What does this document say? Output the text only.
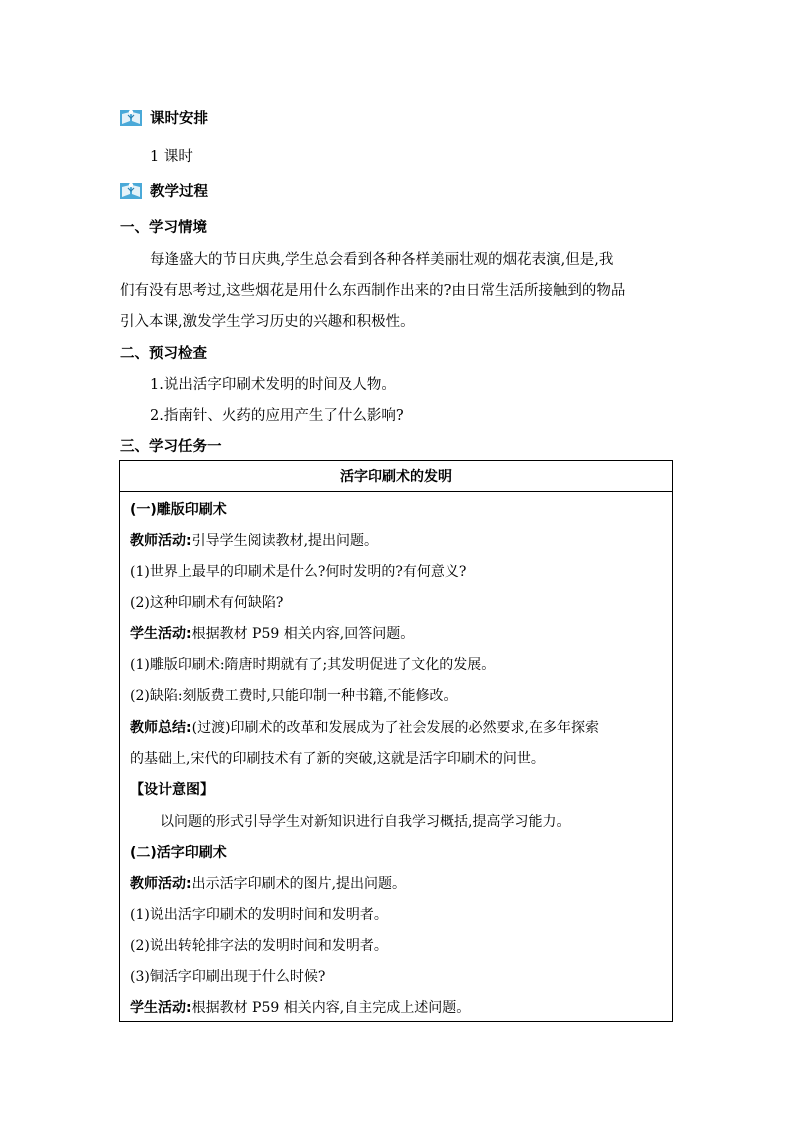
课时安排
1 课时
教学过程
一、学习情境
每逢盛大的节日庆典,学生总会看到各种各样美丽壮观的烟花表演,但是,我
们有没有思考过,这些烟花是用什么东西制作出来的?由日常生活所接触到的物品
引入本课,激发学生学习历史的兴趣和积极性。
二、预习检查
1.说出活字印刷术发明的时间及人物。
2.指南针、火药的应用产生了什么影响?
三、学习任务一
活字印刷术的发明
(一)雕版印刷术
教师活动:引导学生阅读教材,提出问题。
(1)世界上最早的印刷术是什么?何时发明的?有何意义?
(2)这种印刷术有何缺陷?
学生活动:根据教材 P59 相关内容,回答问题。
(1)雕版印刷术:隋唐时期就有了;其发明促进了文化的发展。
(2)缺陷:刻版费工费时,只能印制一种书籍,不能修改。
教师总结:(过渡)印刷术的改革和发展成为了社会发展的必然要求,在多年探索
的基础上,宋代的印刷技术有了新的突破,这就是活字印刷术的问世。
【设计意图】
以问题的形式引导学生对新知识进行自我学习概括,提高学习能力。
(二)活字印刷术
教师活动:出示活字印刷术的图片,提出问题。
(1)说出活字印刷术的发明时间和发明者。
(2)说出转轮排字法的发明时间和发明者。
(3)铜活字印刷出现于什么时候?
学生活动:根据教材 P59 相关内容,自主完成上述问题。
